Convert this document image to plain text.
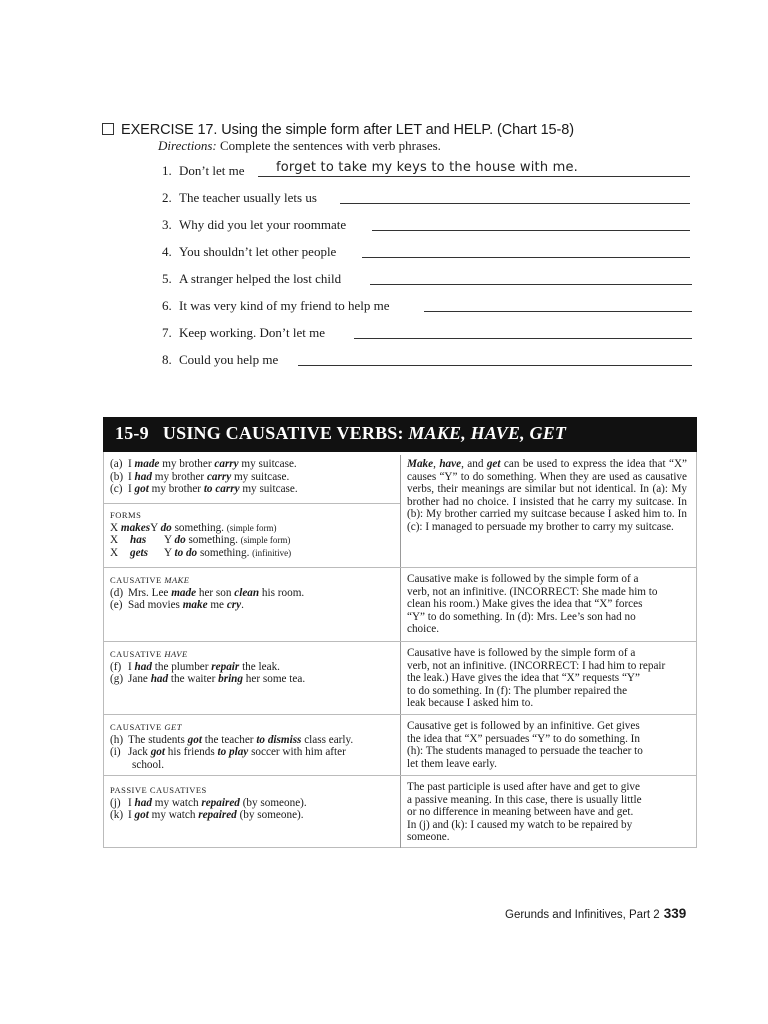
EXERCISE 17. Using the simple form after LET and HELP. (Chart 15-8)
Directions: Complete the sentences with verb phrases.
1. Don’t let me forget to take my keys to the house with me.
2. The teacher usually lets us
3. Why did you let your roommate
4. You shouldn’t let other people
5. A stranger helped the lost child
6. It was very kind of my friend to help me
7. Keep working. Don’t let me
8. Could you help me
15-9 USING CAUSATIVE VERBS: MAKE, HAVE, GET
(a) I made my brother carry my suitcase.
(b) I had my brother carry my suitcase.
(c) I got my brother to carry my suitcase.
FORMS
X makesY do something. (simple form)
X has Y do something. (simple form)
X gets Y to do something. (infinitive)
Make, have, and get can be used to express the idea that “X” causes “Y” to do something. When they are used as causative verbs, their meanings are similar but not identical. In (a): My brother had no choice. I insisted that he carry my suitcase. In (b): My brother carried my suitcase because I asked him to. In (c): I managed to persuade my brother to carry my suitcase.
CAUSATIVE MAKE
(d) Mrs. Lee made her son clean his room.
(e) Sad movies make me cry.
Causative make is followed by the simple form of a
verb, not an infinitive. (INCORRECT: She made him to
clean his room.) Make gives the idea that “X” forces
“Y” to do something. In (d): Mrs. Lee’s son had no
choice.
CAUSATIVE HAVE
(f) I had the plumber repair the leak.
(g) Jane had the waiter bring her some tea.
Causative have is followed by the simple form of a
verb, not an infinitive. (INCORRECT: I had him to repair
the leak.) Have gives the idea that “X” requests “Y”
to do something. In (f): The plumber repaired the
leak because I asked him to.
CAUSATIVE GET
(h) The students got the teacher to dismiss class early.
(i) Jack got his friends to play soccer with him after
school.
Causative get is followed by an infinitive. Get gives
the idea that “X” persuades “Y” to do something. In
(h): The students managed to persuade the teacher to
let them leave early.
PASSIVE CAUSATIVES
(j) I had my watch repaired (by someone).
(k) I got my watch repaired (by someone).
The past participle is used after have and get to give
a passive meaning. In this case, there is usually little
or no difference in meaning between have and get.
In (j) and (k): I caused my watch to be repaired by
someone.
Gerunds and Infinitives, Part 2 339
